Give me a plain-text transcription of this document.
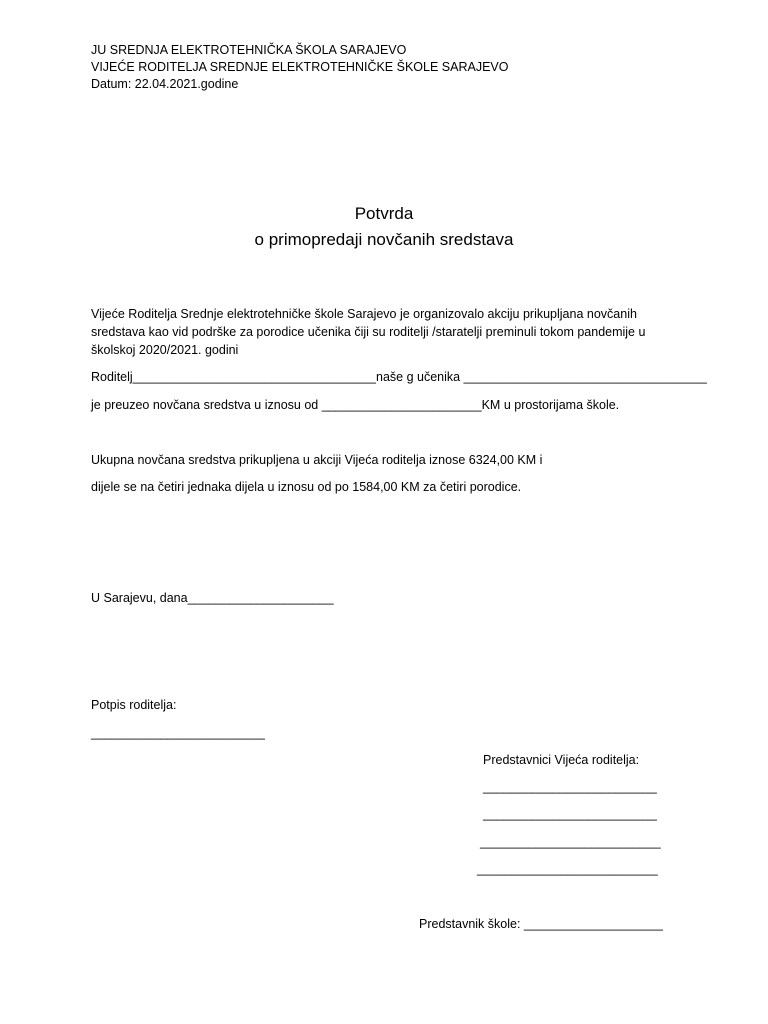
JU SREDNJA ELEKTROTEHNIČKA ŠKOLA SARAJEVO
VIJEĆE RODITELJA SREDNJE ELEKTROTEHNIČKE ŠKOLE SARAJEVO
Datum: 22.04.2021.godine
Potvrda
o primopredaji novčanih sredstava
Vijeće Roditelja Srednje elektrotehničke škole Sarajevo je organizovalo akciju prikupljana novčanih sredstava kao vid podrške za porodice učenika čiji su roditelji /staratelji preminuli tokom pandemije u školskoj 2020/2021. godini
Roditelj___________________________________naše g učenika ___________________________________
je preuzeo novčana sredstva u iznosu od _______________________KM u prostorijama škole.
Ukupna novčana sredstva prikupljena u akciji Vijeća roditelja iznose 6324,00 KM i
dijele se na četiri jednaka dijela u iznosu od po 1584,00 KM za četiri porodice.
U Sarajevu, dana_____________________
Potpis roditelja:
_________________________
Predstavnici Vijeća roditelja:
_________________________
_________________________
__________________________
__________________________
Predstavnik škole: ____________________
